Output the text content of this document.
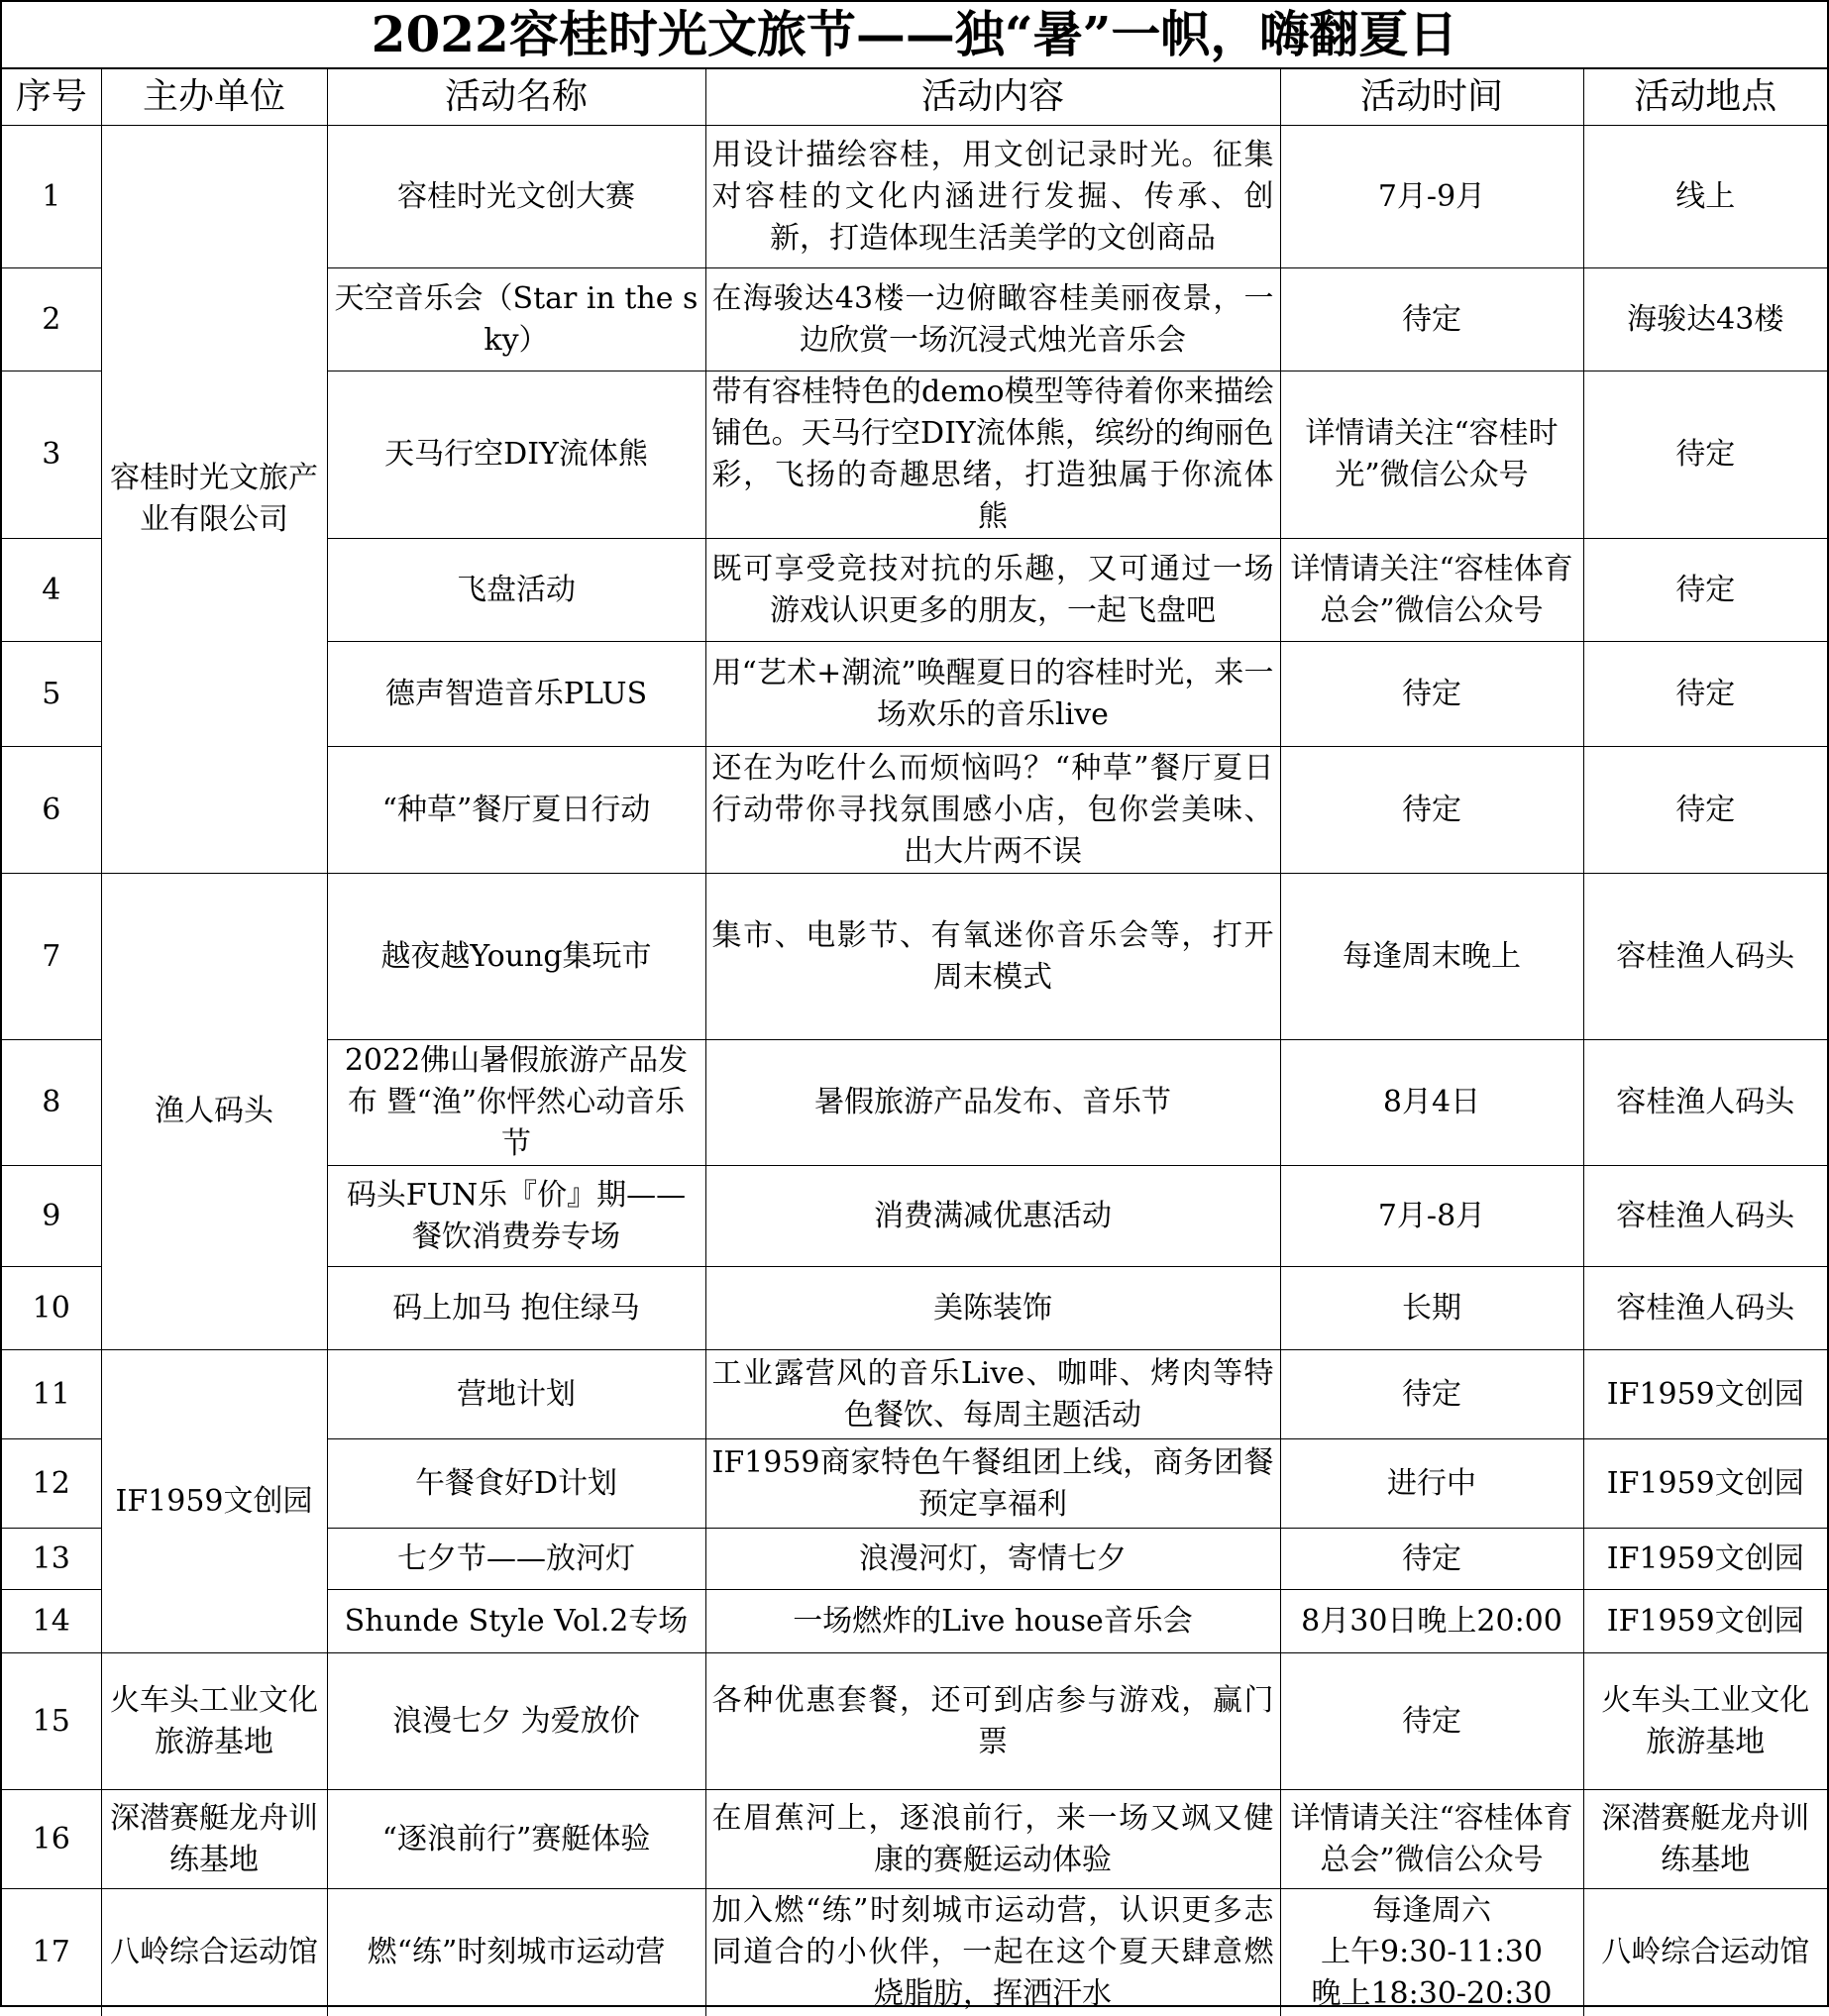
2022容桂时光文旅节——独“暑”一帜，嗨翻夏日
序号	主办单位	活动名称	活动内容	活动时间	活动地点
1	容桂时光文旅产业有限公司	容桂时光文创大赛	用设计描绘容桂，用文创记录时光。征集对容桂的文化内涵进行发掘、传承、创新，打造体现生活美学的文创商品	7月-9月	线上
2		天空音乐会（Star in the sky）	在海骏达43楼一边俯瞰容桂美丽夜景，一边欣赏一场沉浸式烛光音乐会	待定	海骏达43楼
3		天马行空DIY流体熊	带有容桂特色的demo模型等待着你来描绘铺色。天马行空DIY流体熊，缤纷的绚丽色彩，飞扬的奇趣思绪，打造独属于你流体熊	详情请关注“容桂时光”微信公众号	待定
4		飞盘活动	既可享受竞技对抗的乐趣，又可通过一场游戏认识更多的朋友，一起飞盘吧	详情请关注“容桂体育总会”微信公众号	待定
5		德声智造音乐PLUS	用“艺术+潮流”唤醒夏日的容桂时光，来一场欢乐的音乐live	待定	待定
6		“种草”餐厅夏日行动	还在为吃什么而烦恼吗？“种草”餐厅夏日行动带你寻找氛围感小店，包你尝美味、出大片两不误	待定	待定
7	渔人码头	越夜越Young集玩市	集市、电影节、有氧迷你音乐会等，打开周末模式	每逢周末晚上	容桂渔人码头
8		2022佛山暑假旅游产品发布 暨“渔”你怦然心动音乐节	暑假旅游产品发布、音乐节	8月4日	容桂渔人码头
9		码头FUN乐『价』期——餐饮消费券专场	消费满减优惠活动	7月-8月	容桂渔人码头
10		码上加马 抱住绿马	美陈装饰	长期	容桂渔人码头
11	IF1959文创园	营地计划	工业露营风的音乐Live、咖啡、烤肉等特色餐饮、每周主题活动	待定	IF1959文创园
12		午餐食好D计划	IF1959商家特色午餐组团上线，商务团餐预定享福利	进行中	IF1959文创园
13		七夕节——放河灯	浪漫河灯，寄情七夕	待定	IF1959文创园
14		Shunde Style Vol.2专场	一场燃炸的Live house音乐会	8月30日晚上20:00	IF1959文创园
15	火车头工业文化旅游基地	浪漫七夕 为爱放价	各种优惠套餐，还可到店参与游戏，赢门票	待定	火车头工业文化旅游基地
16	深潜赛艇龙舟训练基地	“逐浪前行”赛艇体验	在眉蕉河上，逐浪前行，来一场又飒又健康的赛艇运动体验	详情请关注“容桂体育总会”微信公众号	深潜赛艇龙舟训练基地
17	八岭综合运动馆	燃“练”时刻城市运动营	加入燃“练”时刻城市运动营，认识更多志同道合的小伙伴，一起在这个夏天肆意燃烧脂肪，挥洒汗水	每逢周六
上午9:30-11:30
晚上18:30-20:30	八岭综合运动馆
